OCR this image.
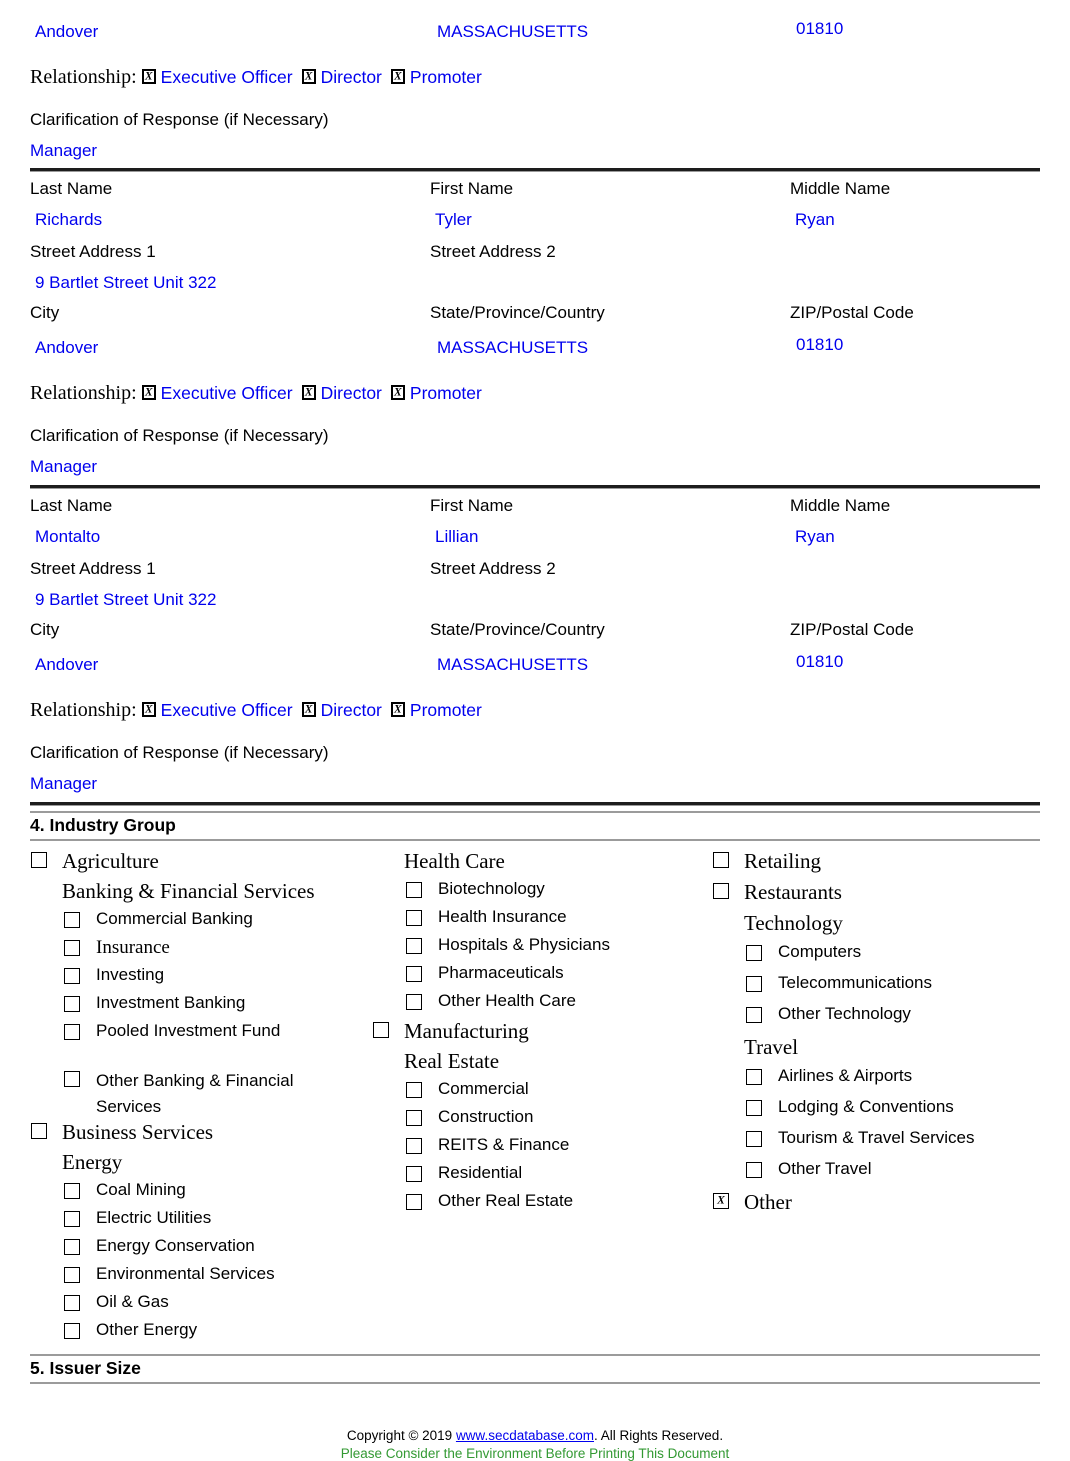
Andover	MASSACHUSETTS	01810
Relationship: X Executive Officer X Director X Promoter
Clarification of Response (if Necessary)
Manager
Last Name	First Name	Middle Name
Richards	Tyler	Ryan
Street Address 1	Street Address 2
9 Bartlet Street Unit 322
City	State/Province/Country	ZIP/Postal Code
Andover	MASSACHUSETTS	01810
Relationship: X Executive Officer X Director X Promoter
Clarification of Response (if Necessary)
Manager
Last Name	First Name	Middle Name
Montalto	Lillian	Ryan
Street Address 1	Street Address 2
9 Bartlet Street Unit 322
City	State/Province/Country	ZIP/Postal Code
Andover	MASSACHUSETTS	01810
Relationship: X Executive Officer X Director X Promoter
Clarification of Response (if Necessary)
Manager
4. Industry Group
Agriculture
Banking & Financial Services
Commercial Banking
Insurance
Investing
Investment Banking
Pooled Investment Fund
Other Banking & Financial Services
Business Services
Energy
Coal Mining
Electric Utilities
Energy Conservation
Environmental Services
Oil & Gas
Other Energy
Health Care
Biotechnology
Health Insurance
Hospitals & Physicians
Pharmaceuticals
Other Health Care
Manufacturing
Real Estate
Commercial
Construction
REITS & Finance
Residential
Other Real Estate
Retailing
Restaurants
Technology
Computers
Telecommunications
Other Technology
Travel
Airlines & Airports
Lodging & Conventions
Tourism & Travel Services
Other Travel
X Other
5. Issuer Size
Copyright © 2019 www.secdatabase.com. All Rights Reserved.
Please Consider the Environment Before Printing This Document
